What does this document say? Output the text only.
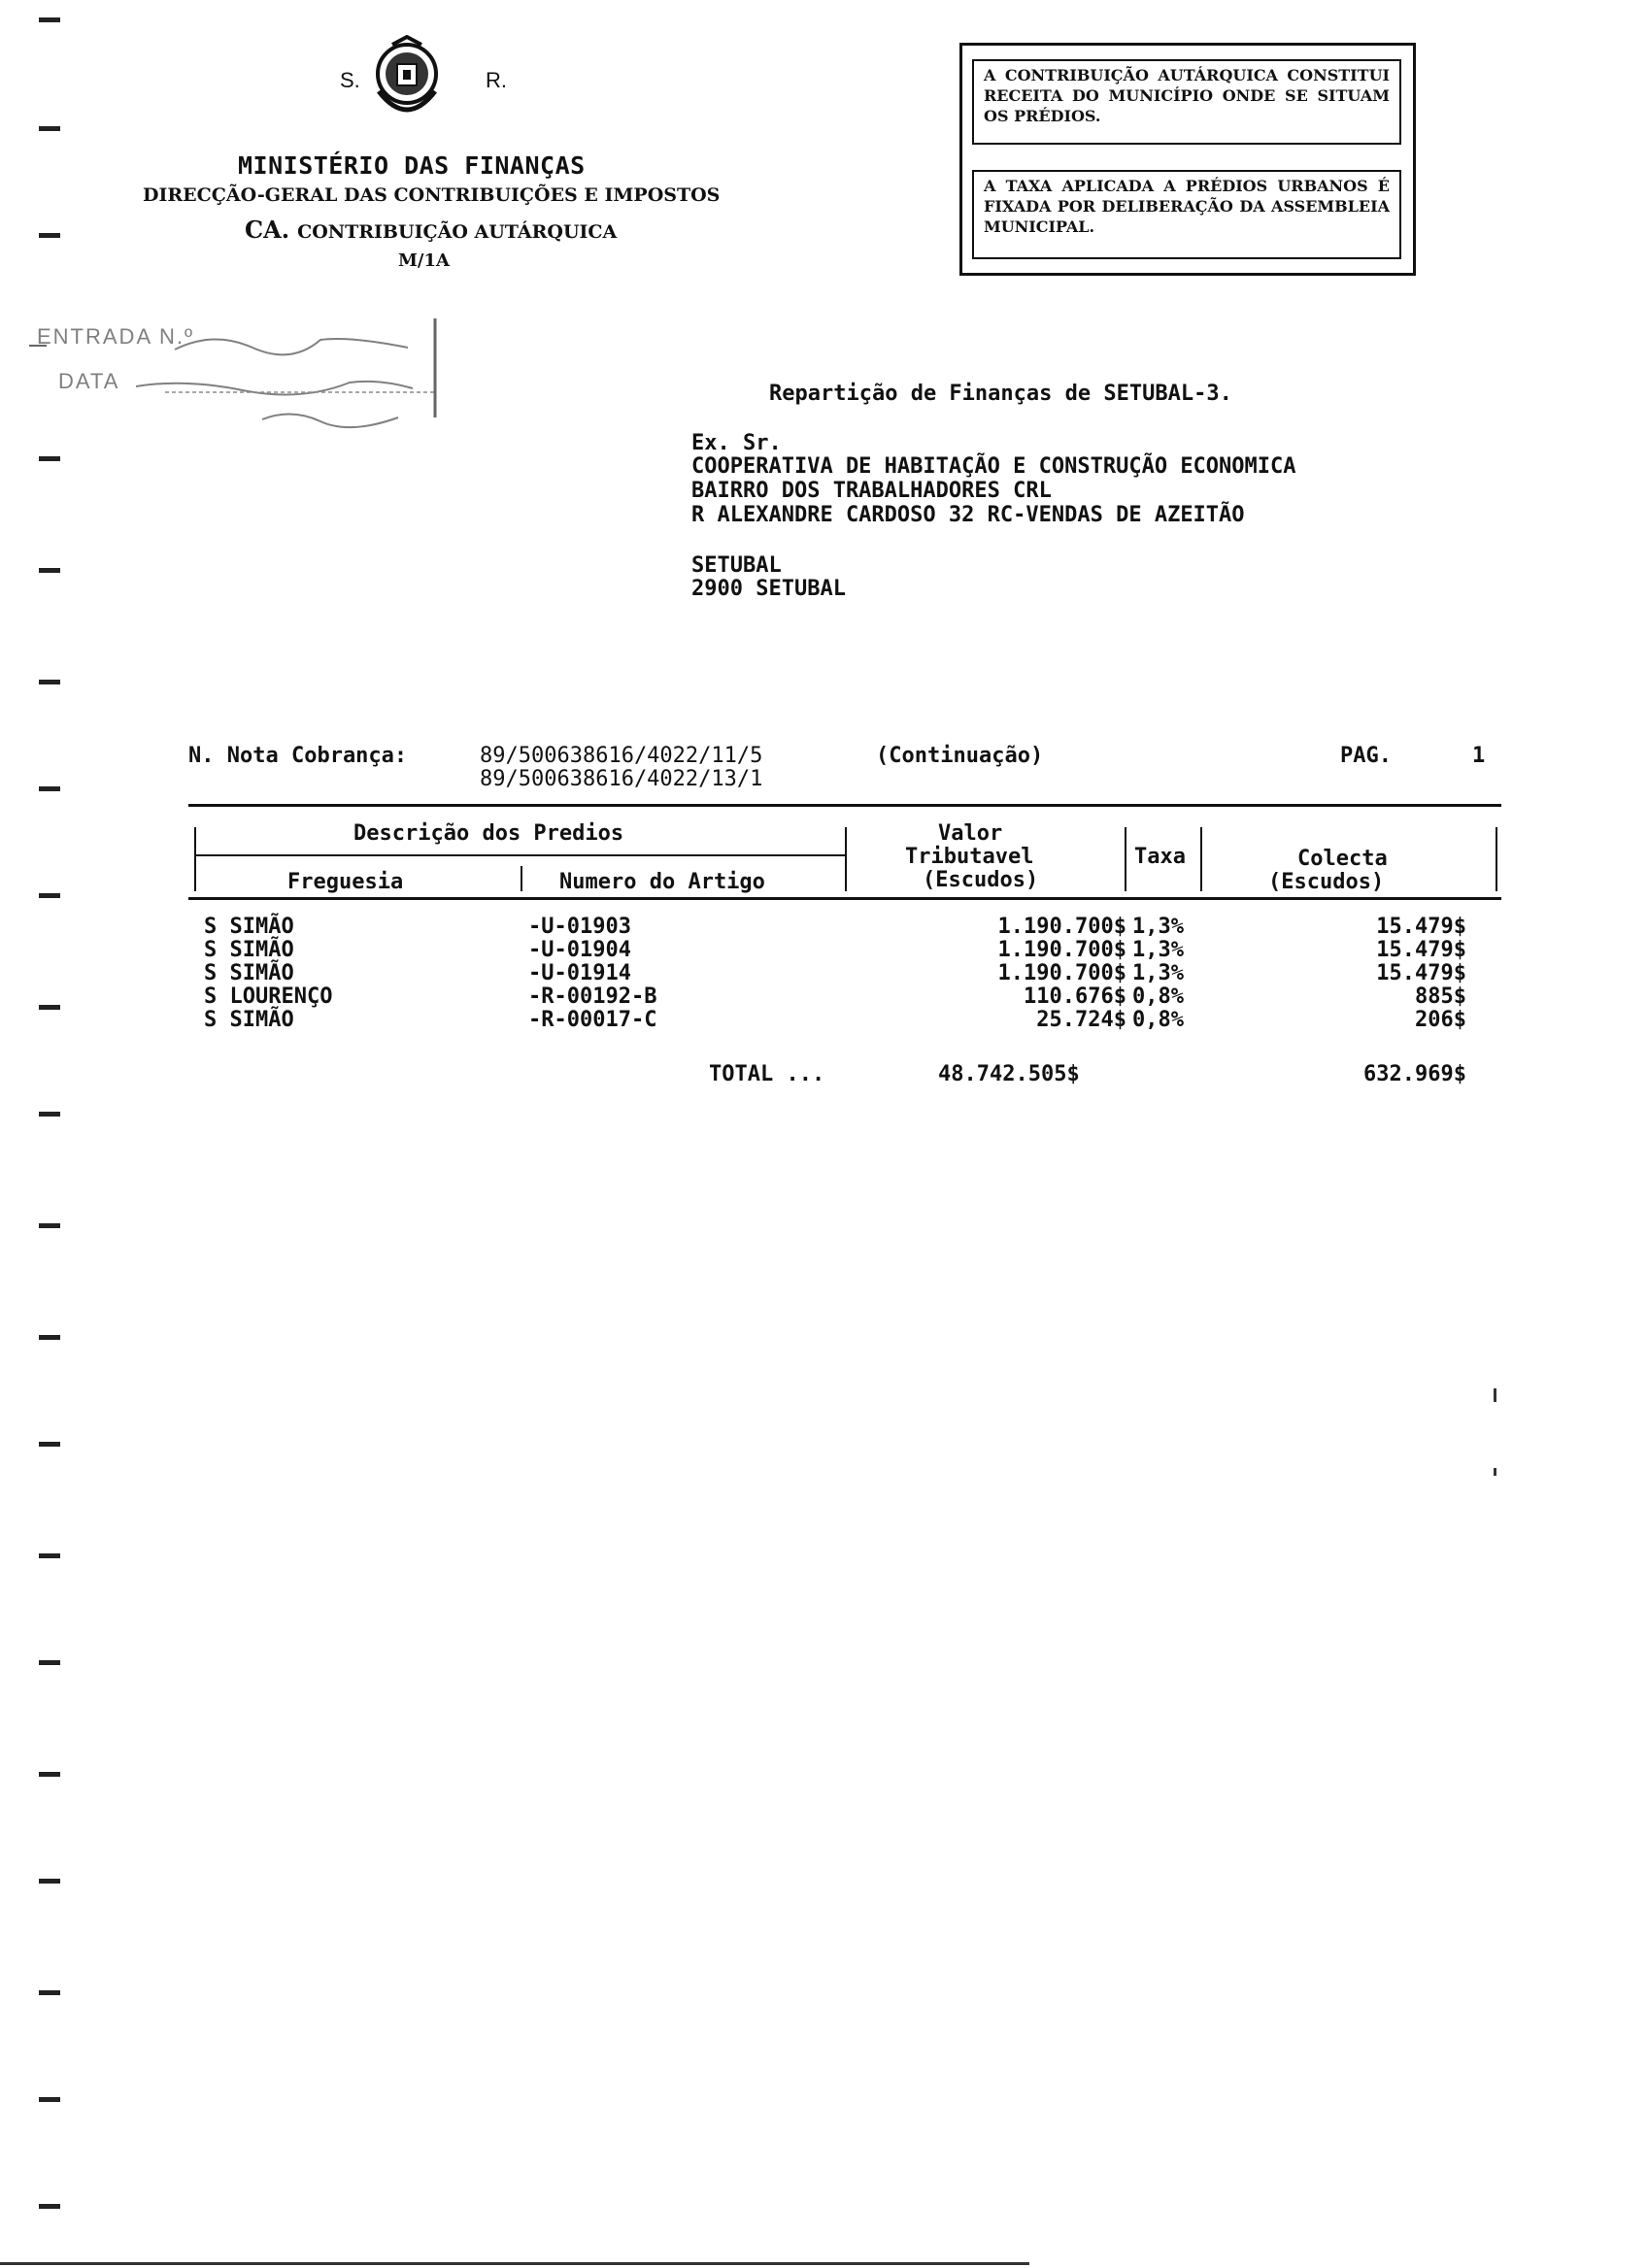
S.	R.
MINISTÉRIO DAS FINANÇAS
DIRECÇÃO-GERAL DAS CONTRIBUIÇÕES E IMPOSTOS
CA. CONTRIBUIÇÃO AUTÁRQUICA
M/1A
A CONTRIBUIÇÃO AUTÁRQUICA CONSTITUI RECEITA DO MUNICÍPIO ONDE SE SITUAM OS PRÉDIOS.
A TAXA APLICADA A PRÉDIOS URBANOS É FIXADA POR DELIBERAÇÃO DA ASSEMBLEIA MUNICIPAL.
ENTRADA N.º
DATA
Repartição de Finanças de SETUBAL-3.
Ex. Sr.
COOPERATIVA DE HABITAÇÃO E CONSTRUÇÃO ECONOMICA
BAIRRO DOS TRABALHADORES CRL
R ALEXANDRE CARDOSO 32 RC-VENDAS DE AZEITÃO
SETUBAL
2900 SETUBAL
N. Nota Cobrança:	89/500638616/4022/11/5
89/500638616/4022/13/1
(Continuação)	PAG.	1
Descrição dos Predios
Freguesia	Numero do Artigo
Valor
Tributavel
(Escudos)
Taxa	Colecta
(Escudos)
S SIMÃO	-U-01903	1.190.700$ 1,3%	15.479$
S SIMÃO	-U-01904	1.190.700$ 1,3%	15.479$
S SIMÃO	-U-01914	1.190.700$ 1,3%	15.479$
S LOURENÇO	-R-00192-B	110.676$ 0,8%	885$
S SIMÃO	-R-00017-C	25.724$ 0,8%	206$
TOTAL ...	48.742.505$	632.969$
